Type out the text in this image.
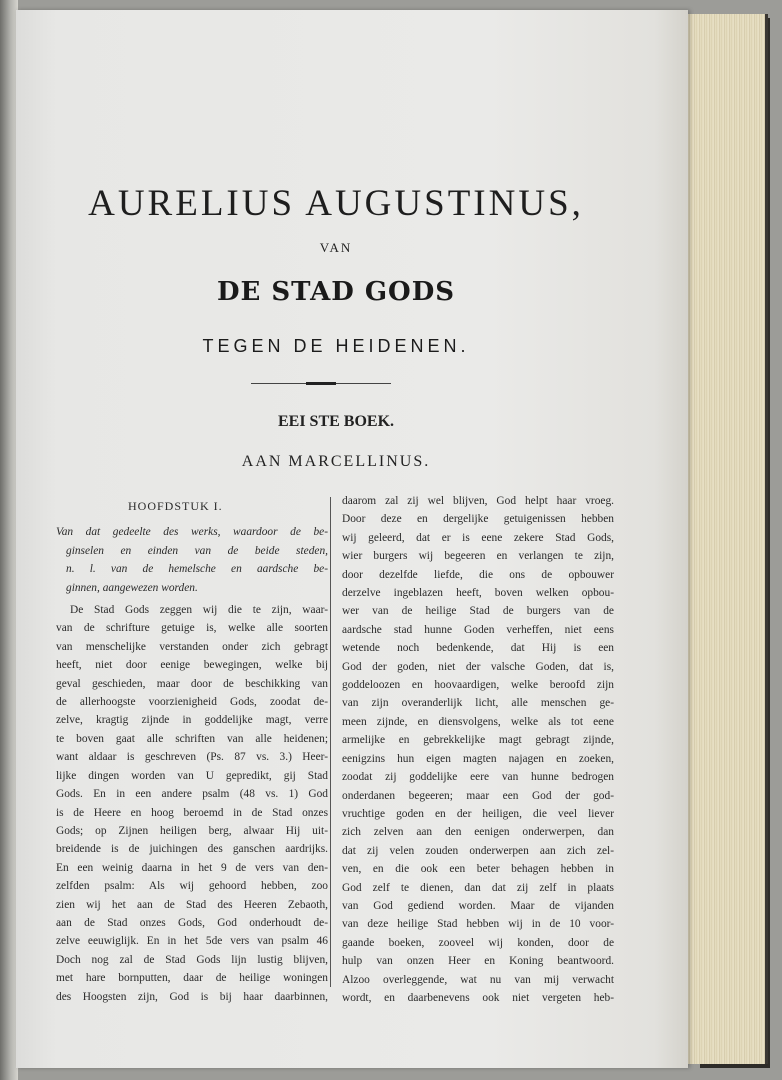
AURELIUS AUGUSTINUS,
VAN
DE STAD GODS
TEGEN DE HEIDENEN.
EEI STE BOEK.
AAN MARCELLINUS.
HOOFDSTUK I.
Van dat gedeelte des werks, waardoor de be-
ginselen en einden van de beide steden,
n. l. van de hemelsche en aardsche be-
ginnen, aangewezen worden.
De Stad Gods zeggen wij die te zijn, waar-
van de schrifture getuige is, welke alle soorten
van menschelijke verstanden onder zich gebragt
heeft, niet door eenige bewegingen, welke bij
geval geschieden, maar door de beschikking van
de allerhoogste voorzienigheid Gods, zoodat de-
zelve, kragtig zijnde in goddelijke magt, verre
te boven gaat alle schriften van alle heidenen;
want aldaar is geschreven (Ps. 87 vs. 3.) Heer-
lijke dingen worden van U gepredikt, gij Stad
Gods. En in een andere psalm (48 vs. 1) God
is de Heere en hoog beroemd in de Stad onzes
Gods; op Zijnen heiligen berg, alwaar Hij uit-
breidende is de juichingen des ganschen aardrijks.
En een weinig daarna in het 9 de vers van den-
zelfden psalm: Als wij gehoord hebben, zoo
zien wij het aan de Stad des Heeren Zebaoth,
aan de Stad onzes Gods, God onderhoudt de-
zelve eeuwiglijk. En in het 5de vers van psalm 46
Doch nog zal de Stad Gods lijn lustig blijven,
met hare bornputten, daar de heilige woningen
des Hoogsten zijn, God is bij haar daarbinnen,
daarom zal zij wel blijven, God helpt haar vroeg.
Door deze en dergelijke getuigenissen hebben
wij geleerd, dat er is eene zekere Stad Gods,
wier burgers wij begeeren en verlangen te zijn,
door dezelfde liefde, die ons de opbouwer
derzelve ingeblazen heeft, boven welken opbou-
wer van de heilige Stad de burgers van de
aardsche stad hunne Goden verheffen, niet eens
wetende noch bedenkende, dat Hij is een
God der goden, niet der valsche Goden, dat is,
goddeloozen en hoovaardigen, welke beroofd zijn
van zijn overanderlijk licht, alle menschen ge-
meen zijnde, en diensvolgens, welke als tot eene
armelijke en gebrekkelijke magt gebragt zijnde,
eenigzins hun eigen magten najagen en zoeken,
zoodat zij goddelijke eere van hunne bedrogen
onderdanen begeeren; maar een God der god-
vruchtige goden en der heiligen, die veel liever
zich zelven aan den eenigen onderwerpen, dan
dat zij velen zouden onderwerpen aan zich zel-
ven, en die ook een beter behagen hebben in
God zelf te dienen, dan dat zij zelf in plaats
van God gediend worden. Maar de vijanden
van deze heilige Stad hebben wij in de 10 voor-
gaande boeken, zooveel wij konden, door de
hulp van onzen Heer en Koning beantwoord.
Alzoo overleggende, wat nu van mij verwacht
wordt, en daarbenevens ook niet vergeten heb-
